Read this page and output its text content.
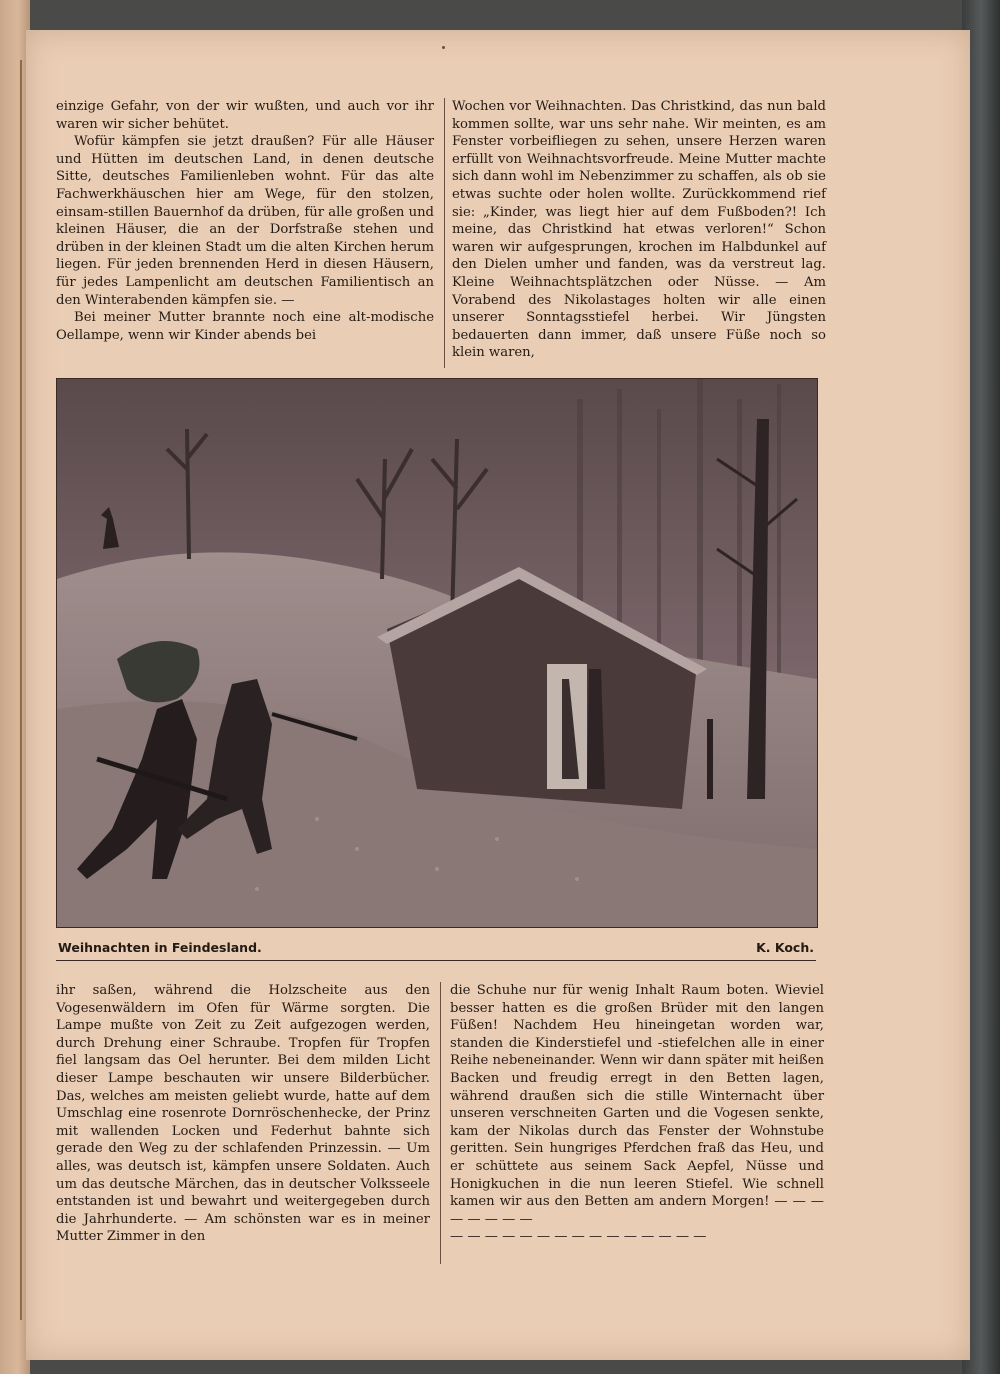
einzige Gefahr, von der wir wußten, und auch vor ihr waren wir sicher behütet.

Wofür kämpfen sie jetzt draußen? Für alle Häuser und Hütten im deutschen Land, in denen deutsche Sitte, deutsches Familienleben wohnt. Für das alte Fachwerkhäuschen hier am Wege, für den stolzen, einsam-stillen Bauernhof da drüben, für alle großen und kleinen Häuser, die an der Dorfstraße stehen und drüben in der kleinen Stadt um die alten Kirchen herum liegen. Für jeden brennenden Herd in diesen Häusern, für jedes Lampenlicht am deutschen Familientisch an den Winterabenden kämpfen sie. —

Bei meiner Mutter brannte noch eine alt-modische Oellampe, wenn wir Kinder abends bei

Wochen vor Weihnachten. Das Christkind, das nun bald kommen sollte, war uns sehr nahe. Wir meinten, es am Fenster vorbeifliegen zu sehen, unsere Herzen waren erfüllt von Weihnachtsvorfreude. Meine Mutter machte sich dann wohl im Nebenzimmer zu schaffen, als ob sie etwas suchte oder holen wollte. Zurückkommend rief sie: „Kinder, was liegt hier auf dem Fußboden?! Ich meine, das Christkind hat etwas verloren!“ Schon waren wir aufgesprungen, krochen im Halbdunkel auf den Dielen umher und fanden, was da verstreut lag. Kleine Weihnachtsplätzchen oder Nüsse. — Am Vorabend des Nikolastages holten wir alle einen unserer Sonntagsstiefel herbei. Wir Jüngsten bedauerten dann immer, daß unsere Füße noch so klein waren,

Weihnachten in Feindesland.	K. Koch.

ihr saßen, während die Holzscheite aus den Vogesenwäldern im Ofen für Wärme sorgten. Die Lampe mußte von Zeit zu Zeit aufgezogen werden, durch Drehung einer Schraube. Tropfen für Tropfen fiel langsam das Oel herunter. Bei dem milden Licht dieser Lampe beschauten wir unsere Bilderbücher. Das, welches am meisten geliebt wurde, hatte auf dem Umschlag eine rosenrote Dornröschenhecke, der Prinz mit wallenden Locken und Federhut bahnte sich gerade den Weg zu der schlafenden Prinzessin. — Um alles, was deutsch ist, kämpfen unsere Soldaten. Auch um das deutsche Märchen, das in deutscher Volksseele entstanden ist und bewahrt und weitergegeben durch die Jahrhunderte. — Am schönsten war es in meiner Mutter Zimmer in den

die Schuhe nur für wenig Inhalt Raum boten. Wieviel besser hatten es die großen Brüder mit den langen Füßen! Nachdem Heu hineingetan worden war, standen die Kinderstiefel und -stiefelchen alle in einer Reihe nebeneinander. Wenn wir dann später mit heißen Backen und freudig erregt in den Betten lagen, während draußen sich die stille Winternacht über unseren verschneiten Garten und die Vogesen senkte, kam der Nikolas durch das Fenster der Wohnstube geritten. Sein hungriges Pferdchen fraß das Heu, und er schüttete aus seinem Sack Aepfel, Nüsse und Honigkuchen in die nun leeren Stiefel. Wie schnell kamen wir aus den Betten am andern Morgen! — — — — — — — —

— — — — — — — — — — — — — — —
